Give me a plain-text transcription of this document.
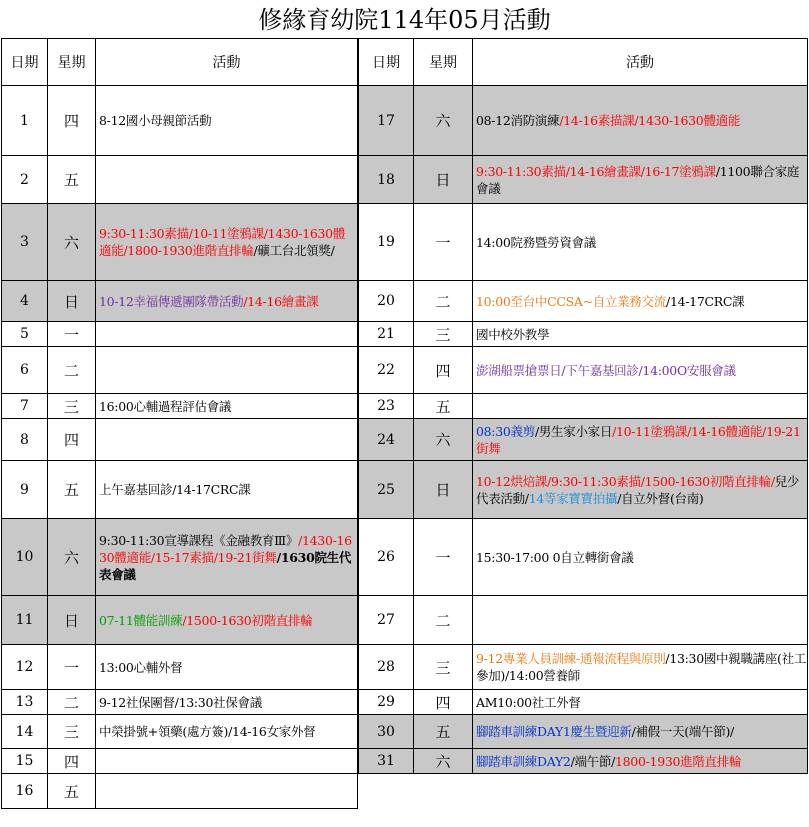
修緣育幼院114年05月活動
日期	星期	活動
1	四	8-12國小母親節活動
2	五	
3	六	9:30-11:30素描/10-11塗鴉課/1430-1630體適能/1800-1930進階直排輪/礦工台北領獎/
4	日	10-12幸福傳遞團隊帶活動/14-16繪畫課
5	一	
6	二	
7	三	16:00心輔過程評估會議
8	四	
9	五	上午嘉基回診/14-17CRC課
10	六	9:30-11:30宣導課程《金融教育Ⅲ》/1430-1630體適能/15-17素描/19-21街舞/1630院生代表會議
11	日	07-11體能訓練/1500-1630初階直排輪
12	一	13:00心輔外督
13	二	9-12社保團督/13:30社保會議
14	三	中榮掛號+領藥(處方簽)/14-16女家外督
15	四	
16	五	
日期	星期	活動
17	六	08-12消防演練/14-16素描課/1430-1630體適能
18	日	9:30-11:30素描/14-16繪畫課/16-17塗鴉課/1100聯合家庭會議
19	一	14:00院務暨勞資會議
20	二	10:00至台中CCSA~自立業務交流/14-17CRC課
21	三	國中校外教學
22	四	澎湖船票搶票日/下午嘉基回診/14:00O安服會議
23	五	
24	六	08:30義剪/男生家小家日/10-11塗鴉課/14-16體適能/19-21街舞
25	日	10-12烘焙課/9:30-11:30素描/1500-1630初階直排輪/兒少代表活動/14等家寶寶拍攝/自立外督(台南)
26	一	15:30-17:00 0自立轉銜會議
27	二	
28	三	9-12專業人員訓練-通報流程與原則/13:30國中親職講座(社工參加)/14:00營養師
29	四	AM10:00社工外督
30	五	腳踏車訓練DAY1慶生暨迎新/補假一天(端午節)/
31	六	腳踏車訓練DAY2/端午節/1800-1930進階直排輪
